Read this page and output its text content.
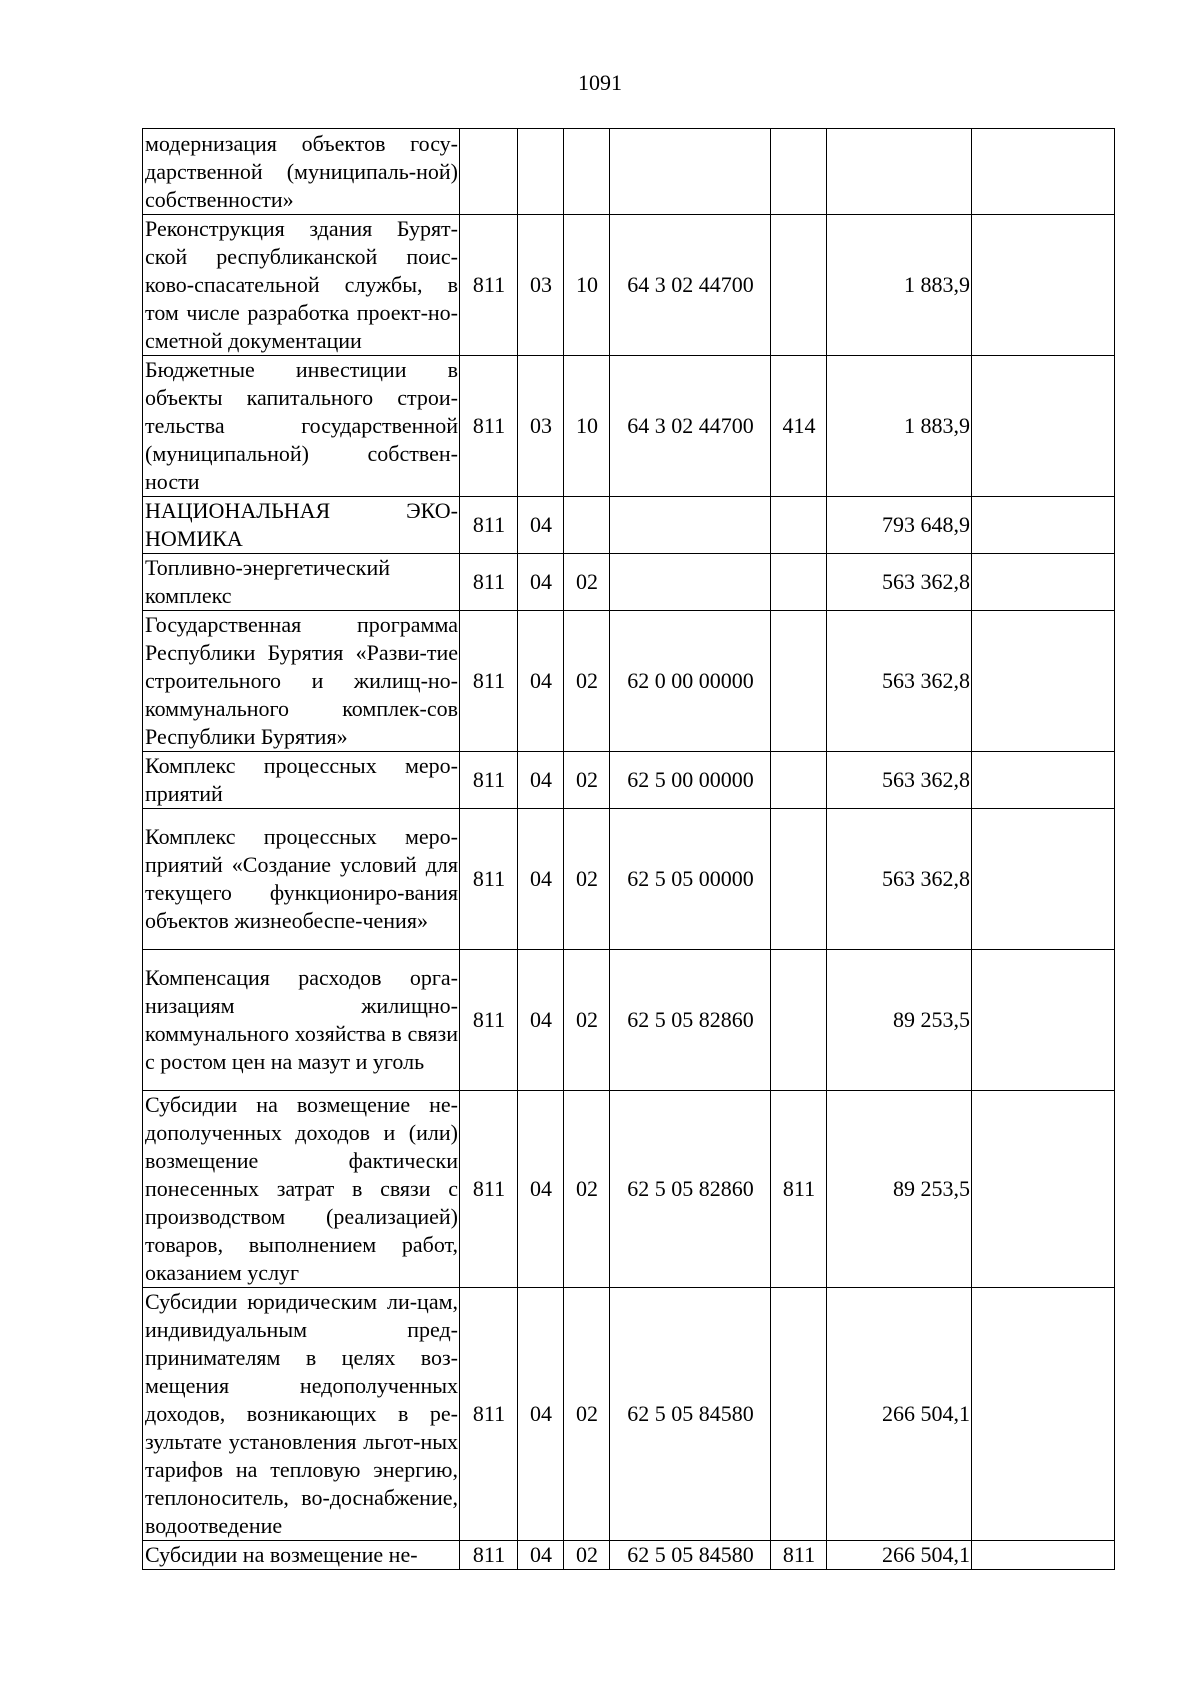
1091
модернизация объектов госу-дарственной (муниципаль-ной) собственности»							

Реконструкция здания Бурят-ской республиканской поис-ково-спасательной службы, в том числе разработка проект-но-сметной документации	811	03	10	64 3 02 44700		1 883,9	

Бюджетные инвестиции в объекты капитального строи-тельства государственной (муниципальной) собствен-ности	811	03	10	64 3 02 44700	414	1 883,9	

НАЦИОНАЛЬНАЯ ЭКО-НОМИКА	811	04				793 648,9	

Топливно-энергетический комплекс	811	04	02			563 362,8	

Государственная программа Республики Бурятия «Разви-тие строительного и жилищ-но-коммунального комплек-сов Республики Бурятия»	811	04	02	62 0 00 00000		563 362,8	

Комплекс процессных меро-приятий	811	04	02	62 5 00 00000		563 362,8	

Комплекс процессных меро-приятий «Создание условий для текущего функциониро-вания объектов жизнеобеспе-чения»	811	04	02	62 5 05 00000		563 362,8	

Компенсация расходов орга-низациям жилищно-коммунального хозяйства в связи с ростом цен на мазут и уголь	811	04	02	62 5 05 82860		89 253,5	

Субсидии на возмещение не-дополученных доходов и (или) возмещение фактически понесенных затрат в связи с производством (реализацией) товаров, выполнением работ, оказанием услуг	811	04	02	62 5 05 82860	811	89 253,5	

Субсидии юридическим ли-цам, индивидуальным пред-принимателям в целях воз-мещения недополученных доходов, возникающих в ре-зультате установления льгот-ных тарифов на тепловую энергию, теплоноситель, во-доснабжение, водоотведение	811	04	02	62 5 05 84580		266 504,1	

Субсидии на возмещение не-	811	04	02	62 5 05 84580	811	266 504,1	
